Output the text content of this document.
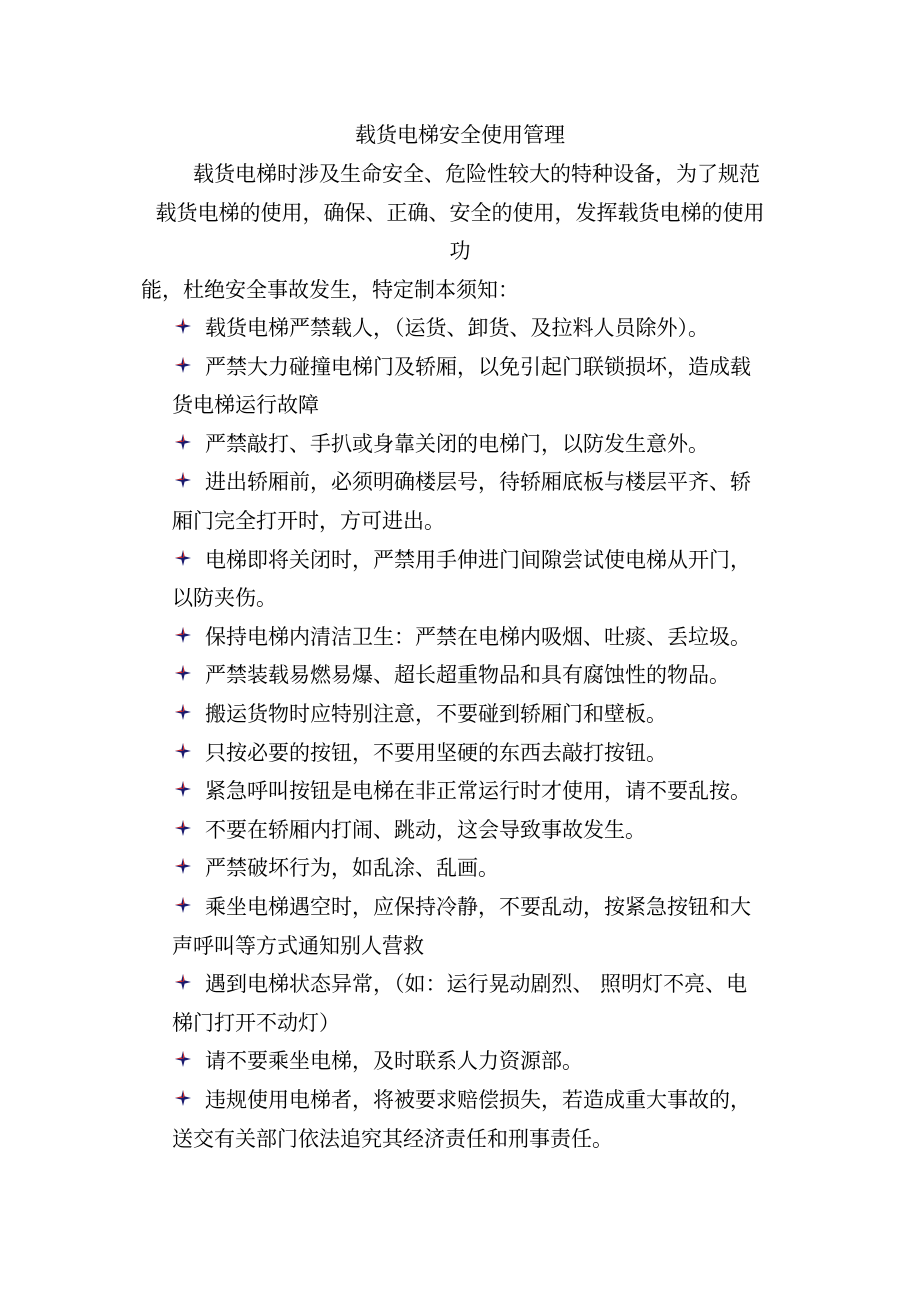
载货电梯安全使用管理
载货电梯时涉及生命安全、危险性较大的特种设备，为了规范
载货电梯的使用，确保、正确、安全的使用，发挥载货电梯的使用
功
能，杜绝安全事故发生，特定制本须知：
载货电梯严禁载人，（运货、卸货、及拉料人员除外）。
严禁大力碰撞电梯门及轿厢，以免引起门联锁损坏，造成载
货电梯运行故障
严禁敲打、手扒或身靠关闭的电梯门，以防发生意外。
进出轿厢前，必须明确楼层号，待轿厢底板与楼层平齐、轿
厢门完全打开时，方可进出。
电梯即将关闭时，严禁用手伸进门间隙尝试使电梯从开门，
以防夹伤。
保持电梯内清洁卫生：严禁在电梯内吸烟、吐痰、丢垃圾。
严禁装载易燃易爆、超长超重物品和具有腐蚀性的物品。
搬运货物时应特别注意，不要碰到轿厢门和壁板。
只按必要的按钮，不要用坚硬的东西去敲打按钮。
紧急呼叫按钮是电梯在非正常运行时才使用，请不要乱按。
不要在轿厢内打闹、跳动，这会导致事故发生。
严禁破坏行为，如乱涂、乱画。
乘坐电梯遇空时，应保持冷静，不要乱动，按紧急按钮和大
声呼叫等方式通知别人营救
遇到电梯状态异常，（如：运行晃动剧烈、 照明灯不亮、电
梯门打开不动灯）
请不要乘坐电梯，及时联系人力资源部。
违规使用电梯者，将被要求赔偿损失，若造成重大事故的，
送交有关部门依法追究其经济责任和刑事责任。
